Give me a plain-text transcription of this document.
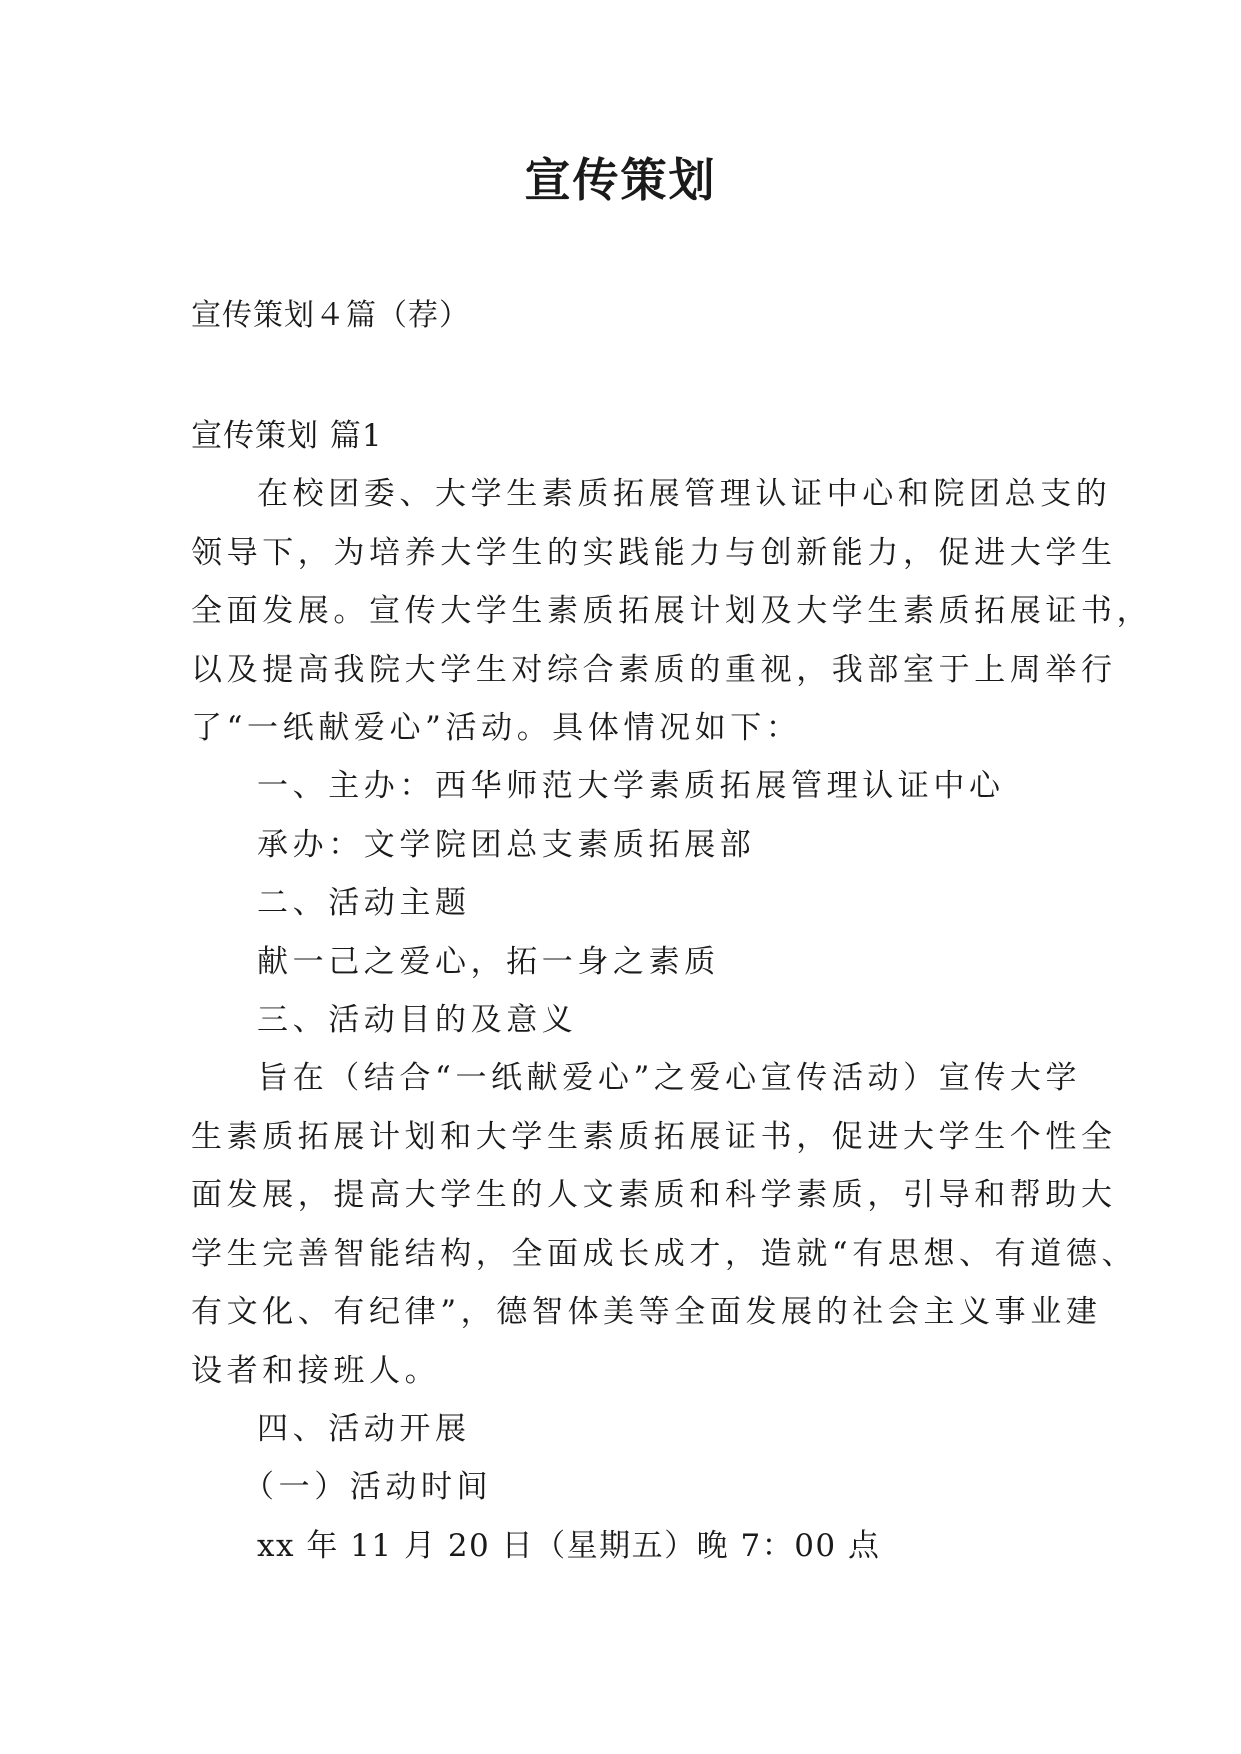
宣传策划
宣传策划４篇（荐）

宣传策划 篇1

在校团委、大学生素质拓展管理认证中心和院团总支的

领导下，为培养大学生的实践能力与创新能力，促进大学生

全面发展。宣传大学生素质拓展计划及大学生素质拓展证书，

以及提高我院大学生对综合素质的重视，我部室于上周举行

了“一纸献爱心”活动。具体情况如下：

一、主办：西华师范大学素质拓展管理认证中心

承办：文学院团总支素质拓展部

二、活动主题

献一己之爱心，拓一身之素质

三、活动目的及意义

旨在（结合“一纸献爱心”之爱心宣传活动）宣传大学

生素质拓展计划和大学生素质拓展证书，促进大学生个性全

面发展，提高大学生的人文素质和科学素质，引导和帮助大

学生完善智能结构，全面成长成才，造就“有思想、有道德、

有文化、有纪律”，德智体美等全面发展的社会主义事业建

设者和接班人。

四、活动开展

（一）活动时间

xx 年 11 月 20 日（星期五）晚 7：00 点
